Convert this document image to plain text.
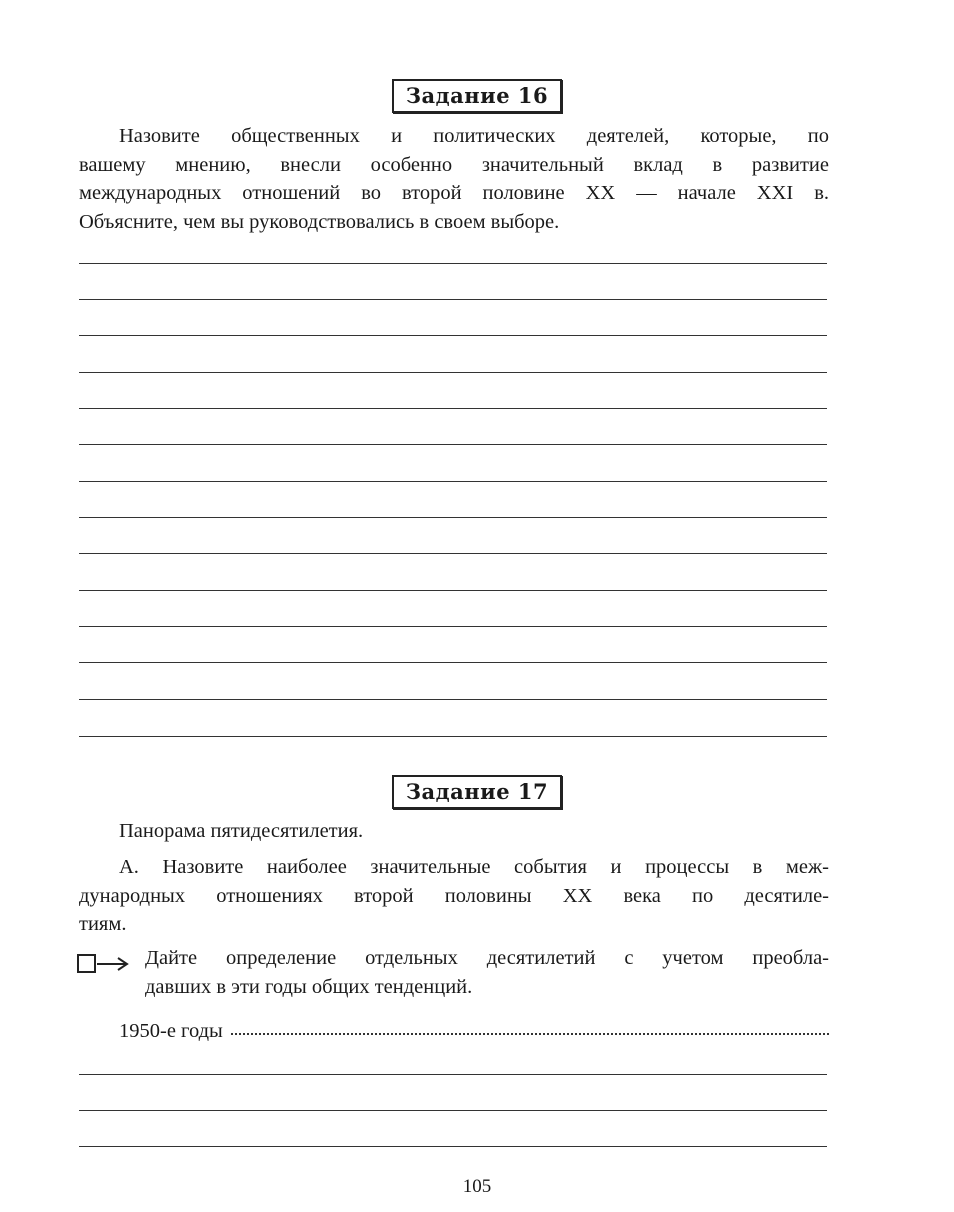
Задание 16
Назовите общественных и политических деятелей, которые, по
вашему мнению, внесли особенно значительный вклад в развитие
международных отношений во второй половине XX — начале XXI в.
Объясните, чем вы руководствовались в своем выборе.
Задание 17
Панорама пятидесятилетия.
А. Назовите наиболее значительные события и процессы в меж-
дународных отношениях второй половины XX века по десятиле-
тиям.
Дайте определение отдельных десятилетий с учетом преобла-
давших в эти годы общих тенденций.
1950-е годы
105
